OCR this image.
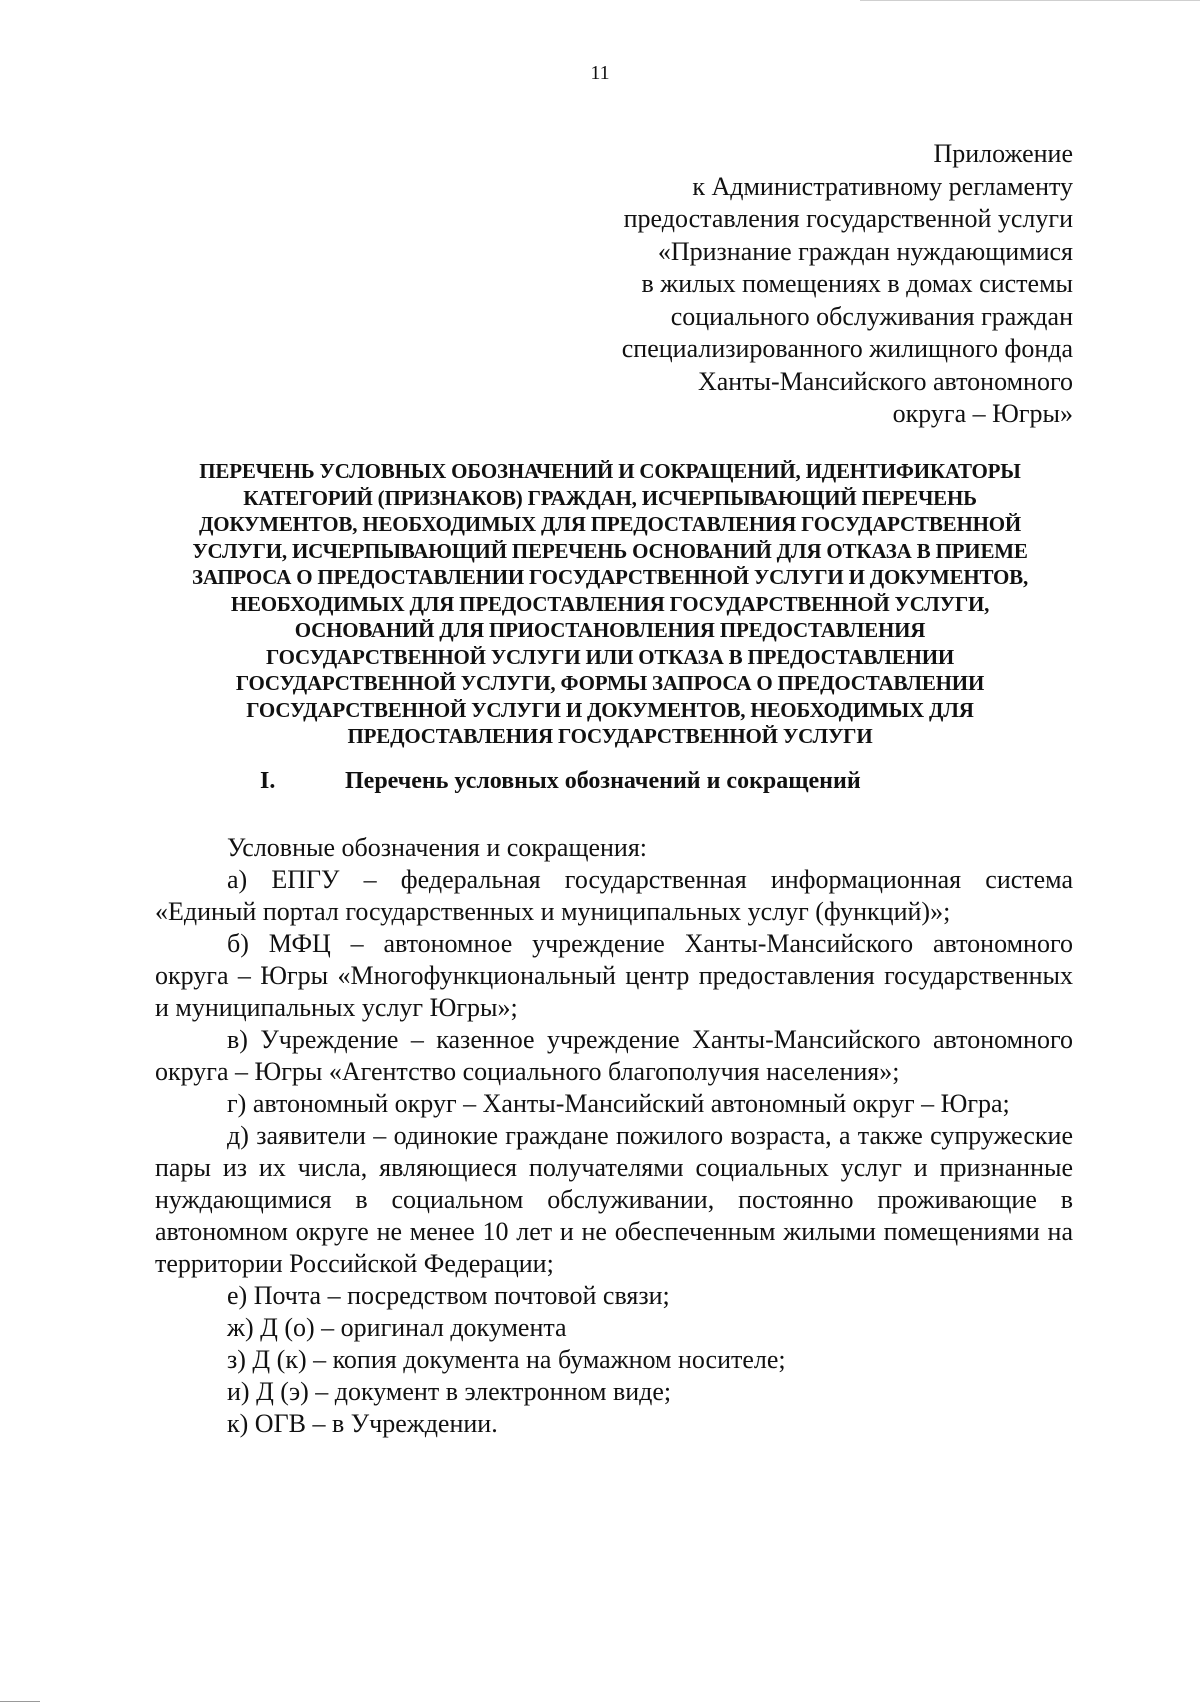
11
Приложение
к Административному регламенту
предоставления государственной услуги
«Признание граждан нуждающимися
в жилых помещениях в домах системы
социального обслуживания граждан
специализированного жилищного фонда
Ханты-Мансийского автономного
округа – Югры»
ПЕРЕЧЕНЬ УСЛОВНЫХ ОБОЗНАЧЕНИЙ И СОКРАЩЕНИЙ, ИДЕНТИФИКАТОРЫ
КАТЕГОРИЙ (ПРИЗНАКОВ) ГРАЖДАН, ИСЧЕРПЫВАЮЩИЙ ПЕРЕЧЕНЬ
ДОКУМЕНТОВ, НЕОБХОДИМЫХ ДЛЯ ПРЕДОСТАВЛЕНИЯ ГОСУДАРСТВЕННОЙ
УСЛУГИ, ИСЧЕРПЫВАЮЩИЙ ПЕРЕЧЕНЬ ОСНОВАНИЙ ДЛЯ ОТКАЗА В ПРИЕМЕ
ЗАПРОСА О ПРЕДОСТАВЛЕНИИ ГОСУДАРСТВЕННОЙ УСЛУГИ И ДОКУМЕНТОВ,
НЕОБХОДИМЫХ ДЛЯ ПРЕДОСТАВЛЕНИЯ ГОСУДАРСТВЕННОЙ УСЛУГИ,
ОСНОВАНИЙ ДЛЯ ПРИОСТАНОВЛЕНИЯ ПРЕДОСТАВЛЕНИЯ
ГОСУДАРСТВЕННОЙ УСЛУГИ ИЛИ ОТКАЗА В ПРЕДОСТАВЛЕНИИ
ГОСУДАРСТВЕННОЙ УСЛУГИ, ФОРМЫ ЗАПРОСА О ПРЕДОСТАВЛЕНИИ
ГОСУДАРСТВЕННОЙ УСЛУГИ И ДОКУМЕНТОВ, НЕОБХОДИМЫХ ДЛЯ
ПРЕДОСТАВЛЕНИЯ ГОСУДАРСТВЕННОЙ УСЛУГИ
I.	Перечень условных обозначений и сокращений

Условные обозначения и сокращения:

а) ЕПГУ – федеральная государственная информационная система «Единый портал государственных и муниципальных услуг (функций)»;

б) МФЦ – автономное учреждение Ханты-Мансийского автономного округа – Югры «Многофункциональный центр предоставления государственных и муниципальных услуг Югры»;

в) Учреждение – казенное учреждение Ханты-Мансийского автономного округа – Югры «Агентство социального благополучия населения»;

г) автономный округ – Ханты-Мансийский автономный округ – Югра;

д) заявители – одинокие граждане пожилого возраста, а также супружеские пары из их числа, являющиеся получателями социальных услуг и признанные нуждающимися в социальном обслуживании, постоянно проживающие в автономном округе не менее 10 лет и не обеспеченным жилыми помещениями на территории Российской Федерации;

е) Почта – посредством почтовой связи;

ж) Д (о) – оригинал документа

з) Д (к) – копия документа на бумажном носителе;

и) Д (э) – документ в электронном виде;

к) ОГВ – в Учреждении.
